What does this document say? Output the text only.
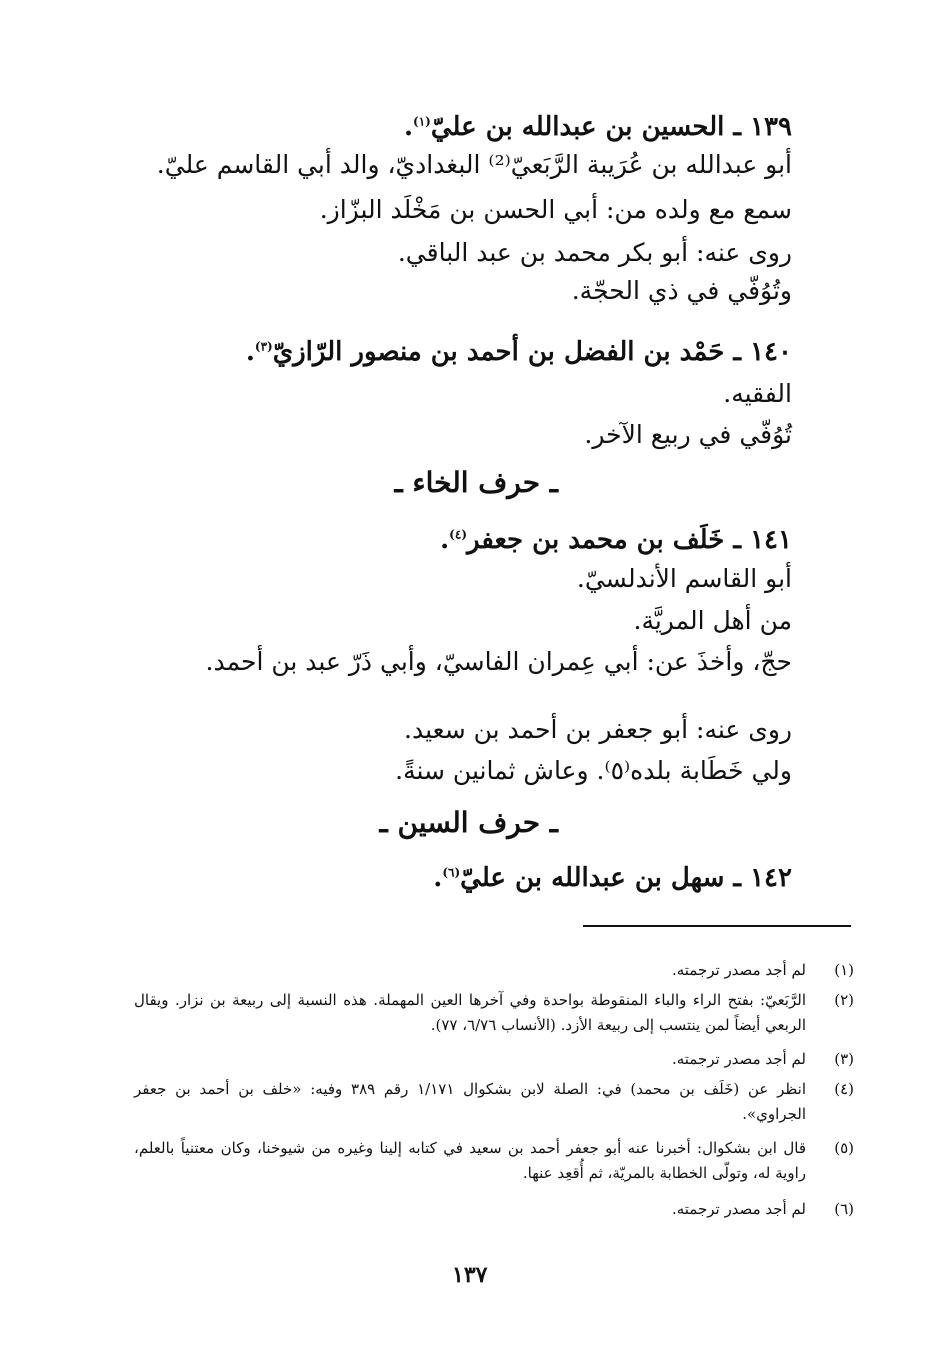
١٣٩ ـ الحسين بن عبدالله بن عليّ$^{(١)}$.
أبو عبدالله بن عُرَيبة الرَّبَعيّ⁽²⁾ البغداديّ، والد أبي القاسم عليّ.
سمع مع ولده من: أبي الحسن بن مَخْلَد البزّاز.
روى عنه: أبو بكر محمد بن عبد الباقي.
وتُوُفّي في ذي الحجّة.
١٤٠ ـ حَمْد بن الفضل بن أحمد بن منصور الرّازيّ$^{(٣)}$.
الفقيه.
تُوُفّي في ربيع الآخر.
ـ حرف الخاء ـ
١٤١ ـ خَلَف بن محمد بن جعفر$^{(٤)}$.
أبو القاسم الأندلسيّ.
من أهل المريَّة.
حجّ، وأخذَ عن: أبي عِمران الفاسيّ، وأبي ذَرّ عبد بن أحمد.
روى عنه: أبو جعفر بن أحمد بن سعيد.
ولي خَطَابة بلده⁽٥⁾. وعاش ثمانين سنةً.
ـ حرف السين ـ
١٤٢ ـ سهل بن عبدالله بن عليّ$^{(٦)}$.
(١)
لم أجد مصدر ترجمته.
(٢)
الرَّبَعيّ: بفتح الراء والباء المنقوطة بواحدة وفي آخرها العين المهملة. هذه النسبة إلى ربيعة بن نزار. ويقال الربعي أيضاً لمن ينتسب إلى ربيعة الأزد. (الأنساب ٦/٧٦، ٧٧).
(٣)
لم أجد مصدر ترجمته.
(٤)
انظر عن (خَلَف بن محمد) في: الصلة لابن بشكوال ١/١٧١ رقم ٣٨٩ وفيه: «خلف بن أحمد بن جعفر الجراوي».
(٥)
قال ابن بشكوال: أخبرنا عنه أبو جعفر أحمد بن سعيد في كتابه إلينا وغيره من شيوخنا، وكان معتنياً بالعلم، راوية له، وتولّى الخطابة بالمريّة، ثم أُقعِد عنها.
(٦)
لم أجد مصدر ترجمته.
١٣٧
